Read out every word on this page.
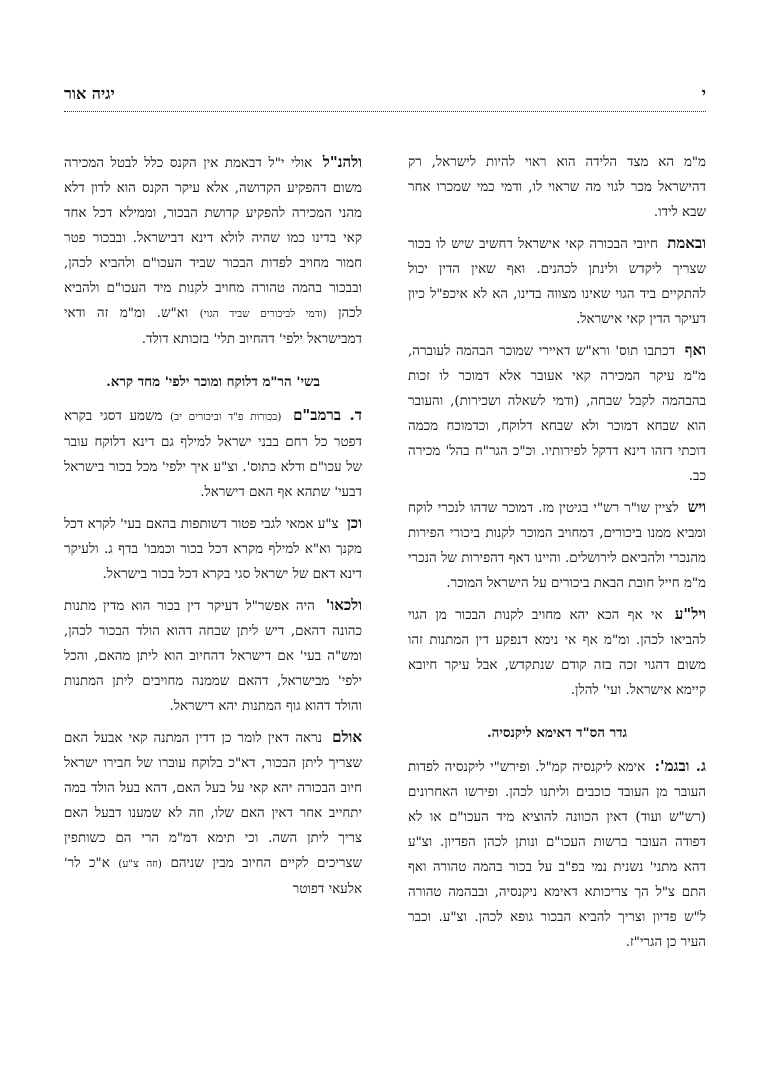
י
יגיה אור

מ"מ הא מצד הלידה הוא ראוי להיות לישראל, רק דהישראל מכר לגוי מה שראוי לו, ודמי כמי שמכרו אחר שבא לידו.

ובאמת חיובי הבכורה קאי אישראל דחשיב שיש לו בכור שצריך ליקדש ולינתן לכהנים. ואף שאין הדין יכול להתקיים ביד הגוי שאינו מצווה בדינו, הא לא איכפ"ל כיון דעיקר הדין קאי אישראל.

ואף דכתבו תוס' ורא"ש דאיירי שמוכר הבהמה לעוברה, מ"מ עיקר המכירה קאי אעובר אלא דמוכר לו זכות בהבהמה לקבל שבחה, (ודמי לשאלה ושכירות), והעובר הוא שבחא דמוכר ולא שבחא דלוקח, וכדמוכח מכמה דוכתי דזהו דינא דדקל לפירותיו. וכ"כ הגר"ח בהל' מכירה כב.

ויש לציין שו"ר רש"י בגיטין מז. דמוכר שדהו לנכרי לוקח ומביא ממנו ביכורים, דמחויב המוכר לקנות ביכורי הפירות מהנכרי ולהביאם לירושלים. והיינו דאף דהפירות של הנכרי מ"מ חייל חובת הבאת ביכורים על הישראל המוכר.

ויל"ע אי אף הכא יהא מחויב לקנות הבכור מן הגוי להביאו לכהן. ומ"מ אף אי נימא דנפקע דין המתנות זהו משום דהגוי זכה בזה קודם שנתקדש, אבל עיקר חיובא קיימא אישראל. ועי' להלן.

גדר הס"ד דאימא ליקנסיה.

ג. ובגמ': אימא ליקנסיה קמ"ל. ופירש"י ליקנסיה לפדות העובר מן העובד כוכבים וליתנו לכהן. ופירשו האחרונים (רש"ש ועוד) דאין הכוונה להוציא מיד העכו"ם או לא דפודה העובר ברשות העכו"ם ונותן לכהן הפדיון. וצ"ע דהא מתני' נשנית נמי בפ"ב על בכור בהמה טהורה ואף התם צ"ל הך צריכותא דאימא ניקנסיה, ובבהמה טהורה ל"ש פדיון וצריך להביא הבכור גופא לכהן. וצ"ע. וכבר העיר כן הגרי"ז.

ולהנ"ל אולי י"ל דבאמת אין הקנס כלל לבטל המכירה משום דהפקיע הקדושה, אלא עיקר הקנס הוא לדון דלא מהני המכירה להפקיע קדושת הבכור, וממילא דכל אחד קאי בדינו כמו שהיה לולא דינא דבישראל. ובבכור פטר חמור מחויב לפדות הבכור שביד העכו"ם ולהביא לכהן, ובבכור בהמה טהורה מחויב לקנות מיד העכו"ם ולהביא לכהן (ודמי לביכורים שביד הגוי) וא"ש. ומ"מ זה ודאי דמבישראל ילפי' דהחיוב תלי' בזכותא דולד.

בשי' הר"מ דלוקח ומוכר ילפי' מחד קרא.

ד. ברמב"ם (בכורות פ"ד וביכורים יב) משמע דסגי בקרא דפטר כל רחם בבני ישראל למילף גם דינא דלוקח עובר של עכו"ם ודלא כתוס'. וצ"ע איך ילפי' מכל בכור בישראל דבעי' שתהא אף האם דישראל.

וכן צ"ע אמאי לגבי פטור דשותפות בהאם בעי' לקרא דכל מקנך וא"א למילף מקרא דכל בכור וכמבו' בדף ג. ולעיקר דינא דאם של ישראל סגי בקרא דכל בכור בישראל.

ולכאו' היה אפשר"ל דעיקר דין בכור הוא מדין מתנות כהונה דהאם, דיש ליתן שבחה דהוא הולד הבכור לכהן, ומש"ה בעי' אם דישראל דהחיוב הוא ליתן מהאם, והכל ילפי' מבישראל, דהאם שממנה מחויבים ליתן המתנות והולד דהוא גוף המתנות יהא דישראל.

אולם נראה דאין לומר כן דדין המתנה קאי אבעל האם שצריך ליתן הבכור, דא"כ בלוקח עוברו של חבירו ישראל חיוב הבכורה יהא קאי על בעל האם, דהא בעל הולד במה יתחייב אחר דאין האם שלו, וזה לא שמענו דבעל האם צריך ליתן השה. וכי תימא דמ"מ הרי הם כשותפין שצריכים לקיים החיוב מבין שניהם (וזה צ"ע) א"כ לר' אלעאי דפוטר
